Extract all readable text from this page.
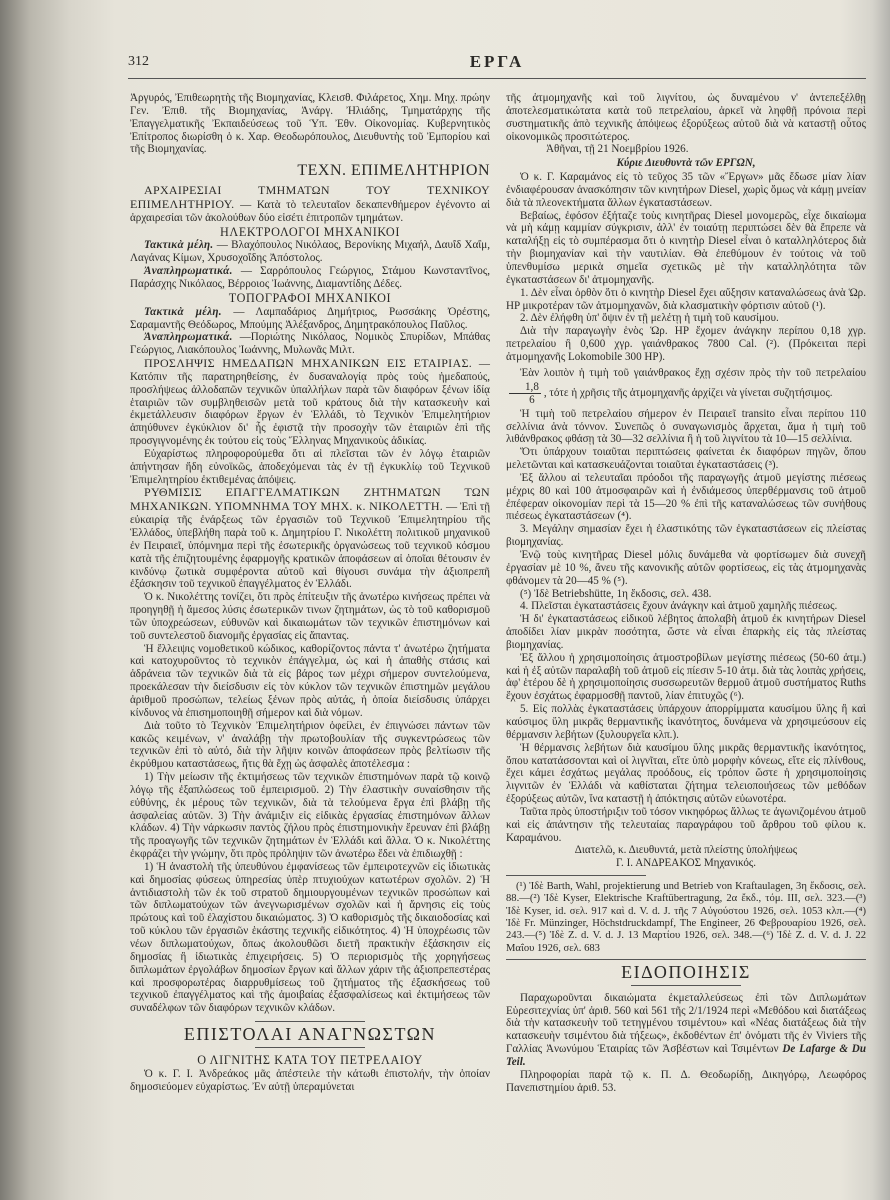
312	ΕΡΓΑ

Ἀργυρός, Ἐπιθεωρητὴς τῆς Βιομηχανίας, Κλεισθ. Φιλάρετος, Χημ. Μηχ. πρώην Γεν. Ἐπιθ. τῆς Βιομηχανίας, Ἀνάργ. Ἠλιάδης, Τμηματάρχης τῆς Ἐπαγγελματικῆς Ἐκπαιδεύσεως τοῦ Ὑπ. Ἐθν. Οἰκονομίας. Κυβερνητικὸς Ἐπίτροπος διωρίσθη ὁ κ. Χαρ. Θεοδωρόπουλος, Διευθυντὴς τοῦ Ἐμπορίου καὶ τῆς Βιομηχανίας.

ΤΕΧΝ. ΕΠΙΜΕΛΗΤΗΡΙΟΝ

ΑΡΧΑΙΡΕΣΙΑΙ ΤΜΗΜΑΤΩΝ ΤΟΥ ΤΕΧΝΙΚΟΥ ΕΠΙΜΕΛΗΤΗΡΙΟΥ. — Κατὰ τὸ τελευταῖον δεκαπενθήμερον ἐγένοντο αἱ ἀρχαιρεσίαι τῶν ἀκολούθων δύο εἰσέτι ἐπιτροπῶν τμημάτων.

ΗΛΕΚΤΡΟΛΟΓΟΙ ΜΗΧΑΝΙΚΟΙ

Τακτικὰ μέλη. — Βλαχόπουλος Νικόλαος, Βερονίκης Μιχαήλ, Δαυΐδ Χαΐμ, Λαγάνας Κίμων, Χρυσοχοΐδης Ἀπόστολος.

Ἀναπληρωματικά. — Σαρρόπουλος Γεώργιος, Στάμου Κωνσταντῖνος, Παράσχης Νικόλαος, Βέρροιος Ἰωάννης, Διαμαντίδης Δέδες.

ΤΟΠΟΓΡΑΦΟΙ ΜΗΧΑΝΙΚΟΙ

Τακτικὰ μέλη. — Λαμπαδάριος Δημήτριος, Ρωσσάκης Ὀρέστης, Σαραμαντῆς Θεόδωρος, Μπούμης Ἀλέξανδρος, Δημητρακόπουλος Παῦλος.

Ἀναπληρωματικά. —Ποριώτης Νικόλαος, Νομικὸς Σπυρίδων, Μπάθας Γεώργιος, Λιακόπουλος Ἰωάννης, Μυλωνᾶς Μιλτ.

ΠΡΟΣΛΗΨΙΣ ΗΜΕΔΑΠΩΝ ΜΗΧΑΝΙΚΩΝ ΕΙΣ ΕΤΑΙΡΙΑΣ. — Κατόπιν τῆς παρατηρηθείσης, ἐν δυσαναλογίᾳ πρὸς τοὺς ἡμεδαπούς, προσλήψεως ἀλλοδαπῶν τεχνικῶν ὑπαλλήλων παρὰ τῶν διαφόρων ξένων ἰδίᾳ ἑταιριῶν τῶν συμβληθεισῶν μετὰ τοῦ κράτους διὰ τὴν κατασκευὴν καὶ ἐκμετάλλευσιν διαφόρων ἔργων ἐν Ἑλλάδι, τὸ Τεχνικὸν Ἐπιμελητήριον ἀπηύθυνεν ἐγκύκλιον δι' ἧς ἐφιστᾷ τὴν προσοχὴν τῶν ἑταιριῶν ἐπὶ τῆς προσγιγνομένης ἐκ τούτου εἰς τοὺς Ἕλληνας Μηχανικοὺς ἀδικίας.

Εὐχαρίστως πληροφορούμεθα ὅτι αἱ πλεῖσται τῶν ἐν λόγῳ ἑταιριῶν ἀπήντησαν ἤδη εὐνοϊκῶς, ἀποδεχόμεναι τὰς ἐν τῇ ἐγκυκλίῳ τοῦ Τεχνικοῦ Ἐπιμελητηρίου ἐκτιθεμένας ἀπόψεις.

ΡΥΘΜΙΣΙΣ ΕΠΑΓΓΕΛΜΑΤΙΚΩΝ ΖΗΤΗΜΑΤΩΝ ΤΩΝ ΜΗΧΑΝΙΚΩΝ. ΥΠΟΜΝΗΜΑ ΤΟΥ ΜΗΧ. κ. ΝΙΚΟΛΕΤΤΗ. — Ἐπὶ τῇ εὐκαιρίᾳ τῆς ἐνάρξεως τῶν ἐργασιῶν τοῦ Τεχνικοῦ Ἐπιμελητηρίου τῆς Ἑλλάδος, ὑπεβλήθη παρὰ τοῦ κ. Δημητρίου Γ. Νικολέττη πολιτικοῦ μηχανικοῦ ἐν Πειραιεῖ, ὑπόμνημα περὶ τῆς ἐσωτερικῆς ὀργανώσεως τοῦ τεχνικοῦ κόσμου κατὰ τῆς ἐπιζητουμένης ἐφαρμογῆς κρατικῶν ἀποφάσεων αἱ ὁποῖαι θέτουσιν ἐν κινδύνῳ ζωτικὰ συμφέροντα αὐτοῦ καὶ θίγουσι συνάμα τὴν ἀξιοπρεπῆ ἐξάσκησιν τοῦ τεχνικοῦ ἐπαγγέλματος ἐν Ἑλλάδι.

Ὁ κ. Νικολέττης τονίζει, ὅτι πρὸς ἐπίτευξιν τῆς ἀνωτέρω κινήσεως πρέπει νὰ προηγηθῇ ἡ ἄμεσος λύσις ἐσωτερικῶν τινων ζητημάτων, ὡς τὸ τοῦ καθορισμοῦ τῶν ὑποχρεώσεων, εὐθυνῶν καὶ δικαιωμάτων τῶν τεχνικῶν ἐπιστημόνων καὶ τοῦ συντελεστοῦ διανομῆς ἐργασίας εἰς ἅπαντας.

Ἡ ἔλλειψις νομοθετικοῦ κώδικος, καθορίζοντος πάντα τ' ἀνωτέρω ζητήματα καὶ κατοχυροῦντος τὸ τεχνικὸν ἐπάγγελμα, ὡς καὶ ἡ ἀπαθὴς στάσις καὶ ἀδράνεια τῶν τεχνικῶν διὰ τὰ εἰς βάρος των μέχρι σήμερον συντελούμενα, προεκάλεσαν τὴν διείσδυσιν εἰς τὸν κύκλον τῶν τεχνικῶν ἐπιστημῶν μεγάλου ἀριθμοῦ προσώπων, τελείως ξένων πρὸς αὐτάς, ἡ ὁποία διείσδυσις ὑπάρχει κίνδυνος νὰ ἐπισημοποιηθῇ σήμερον καὶ διὰ νόμων.

Διὰ τοῦτο τὸ Τεχνικὸν Ἐπιμελητήριον ὀφείλει, ἐν ἐπιγνώσει πάντων τῶν κακῶς κειμένων, ν' ἀναλάβῃ τὴν πρωτοβουλίαν τῆς συγκεντρώσεως τῶν τεχνικῶν ἐπὶ τὸ αὐτό, διὰ τὴν λῆψιν κοινῶν ἀποφάσεων πρὸς βελτίωσιν τῆς ἐκρύθμου καταστάσεως, ἥτις θὰ ἔχῃ ὡς ἀσφαλὲς ἀποτέλεσμα :

1) Τὴν μείωσιν τῆς ἐκτιμήσεως τῶν τεχνικῶν ἐπιστημόνων παρὰ τῷ κοινῷ λόγῳ τῆς ἐξαπλώσεως τοῦ ἐμπειρισμοῦ. 2) Τὴν ἐλαστικὴν συναίσθησιν τῆς εὐθύνης, ἐκ μέρους τῶν τεχνικῶν, διὰ τὰ τελούμενα ἔργα ἐπὶ βλάβῃ τῆς ἀσφαλείας αὐτῶν. 3) Τὴν ἀνάμιξιν εἰς εἰδικὰς ἐργασίας ἐπιστημόνων ἄλλων κλάδων. 4) Τὴν νάρκωσιν παντὸς ζήλου πρὸς ἐπιστημονικὴν ἔρευναν ἐπὶ βλάβῃ τῆς προαγωγῆς τῶν τεχνικῶν ζητημάτων ἐν Ἑλλάδι καὶ ἄλλα. Ὁ κ. Νικολέττης ἐκφράζει τὴν γνώμην, ὅτι πρὸς πρόληψιν τῶν ἀνωτέρω ἔδει νὰ ἐπιδιωχθῇ :

1) Ἡ ἀναστολὴ τῆς ὑπευθύνου ἐμφανίσεως τῶν ἐμπειροτεχνῶν εἰς ἰδιωτικὰς καὶ δημοσίας φύσεως ὑπηρεσίας ὑπὲρ πτυχιούχων κατωτέρων σχολῶν. 2) Ἡ ἀντιδιαστολὴ τῶν ἐκ τοῦ στρατοῦ δημιουργουμένων τεχνικῶν προσώπων καὶ τῶν διπλωματούχων τῶν ἀνεγνωρισμένων σχολῶν καὶ ἡ ἄρνησις εἰς τοὺς πρώτους καὶ τοῦ ἐλαχίστου δικαιώματος. 3) Ὁ καθορισμὸς τῆς δικαιοδοσίας καὶ τοῦ κύκλου τῶν ἐργασιῶν ἑκάστης τεχνικῆς εἰδικότητος. 4) Ἡ ὑποχρέωσις τῶν νέων διπλωματούχων, ὅπως ἀκολουθῶσι διετῆ πρακτικὴν ἐξάσκησιν εἰς δημοσίας ἢ ἰδιωτικὰς ἐπιχειρήσεις. 5) Ὁ περιορισμὸς τῆς χορηγήσεως διπλωμάτων ἐργολάβων δημοσίων ἔργων καὶ ἄλλων χάριν τῆς ἀξιοπρεπεστέρας καὶ προσφορωτέρας διαρρυθμίσεως τοῦ ζητήματος τῆς ἐξασκήσεως τοῦ τεχνικοῦ ἐπαγγέλματος καὶ τῆς ἀμοιβαίας ἐξασφαλίσεως καὶ ἐκτιμήσεως τῶν συναδέλφων τῶν διαφόρων τεχνικῶν κλάδων.

ΕΠΙΣΤΟΛΑΙ ΑΝΑΓΝΩΣΤΩΝ
Ο ΛΙΓΝΙΤΗΣ ΚΑΤΑ ΤΟΥ ΠΕΤΡΕΛΑΙΟΥ

Ὁ κ. Γ. Ι. Ἀνδρεάκος μᾶς ἀπέστειλε τὴν κάτωθι ἐπιστολήν, τὴν ὁποίαν δημοσιεύομεν εὐχαρίστως. Ἐν αὐτῇ ὑπεραμύνεται

τῆς ἀτμομηχανῆς καὶ τοῦ λιγνίτου, ὡς δυναμένου ν' ἀντεπεξέλθῃ ἀποτελεσματικώτατα κατὰ τοῦ πετρελαίου, ἀρκεῖ νὰ ληφθῇ πρόνοια περὶ συστηματικῆς ἀπὸ τεχνικῆς ἀπόψεως ἐξορύξεως αὐτοῦ διὰ νὰ καταστῇ οὗτος οἰκονομικῶς προσιτώτερος.

Ἀθῆναι, τῇ 21 Νοεμβρίου 1926.

Κύριε Διευθυντὰ τῶν ΕΡΓΩΝ,

Ὁ κ. Γ. Καραμάνος εἰς τὸ τεῦχος 35 τῶν «Ἔργων» μᾶς ἔδωσε μίαν λίαν ἐνδιαφέρουσαν ἀνασκόπησιν τῶν κινητήρων Diesel, χωρὶς ὅμως νὰ κάμῃ μνείαν διὰ τὰ πλεονεκτήματα ἄλλων ἐγκαταστάσεων.

Βεβαίως, ἐφόσον ἐξήταζε τοὺς κινητῆρας Diesel μονομερῶς, εἶχε δικαίωμα νὰ μὴ κάμῃ καμμίαν σύγκρισιν, ἀλλ' ἐν τοιαύτῃ περιπτώσει δὲν θὰ ἔπρεπε νὰ καταλήξῃ εἰς τὸ συμπέρασμα ὅτι ὁ κινητὴρ Diesel εἶναι ὁ καταλληλότερος διὰ τὴν βιομηχανίαν καὶ τὴν ναυτιλίαν. Θὰ ἐπεθύμουν ἐν τούτοις νὰ τοῦ ὑπενθυμίσω μερικὰ σημεῖα σχετικῶς μὲ τὴν καταλληλότητα τῶν ἐγκαταστάσεων δι' ἀτμομηχανῆς.

1. Δὲν εἶναι ὀρθὸν ὅτι ὁ κινητὴρ Diesel ἔχει αὔξησιν καταναλώσεως ἀνὰ Ὡρ. HP μικροτέραν τῶν ἀτμομηχανῶν, διὰ κλασματικὴν φόρτισιν αὐτοῦ (¹).

2. Δὲν ἐλήφθη ὑπ' ὄψιν ἐν τῇ μελέτῃ ἡ τιμὴ τοῦ καυσίμου.

Διὰ τὴν παραγωγὴν ἑνὸς Ὡρ. HP ἔχομεν ἀνάγκην περίπου 0,18 χγρ. πετρελαίου ἢ 0,600 χγρ. γαιάνθρακος 7800 Cal. (²). (Πρόκειται περὶ ἀτμομηχανῆς Lokomobile 300 HP).

Ἐὰν λοιπὸν ἡ τιμὴ τοῦ γαιάνθρακος ἔχῃ σχέσιν πρὸς τὴν τοῦ πετρελαίου
$\frac{1,8}{6}$ , τότε ἡ χρῆσις τῆς ἀτμομηχανῆς ἀρχίζει νὰ γίνεται συζητήσιμος.

Ἡ τιμὴ τοῦ πετρελαίου σήμερον ἐν Πειραιεῖ transito εἶναι περίπου 110 σελλίνια ἀνὰ τόννον. Συνεπῶς ὁ συναγωνισμὸς ἄρχεται, ἅμα ἡ τιμὴ τοῦ λιθάνθρακος φθάσῃ τὰ 30—32 σελλίνια ἢ ἡ τοῦ λιγνίτου τὰ 10—15 σελλίνια.

Ὅτι ὑπάρχουν τοιαῦται περιπτώσεις φαίνεται ἐκ διαφόρων πηγῶν, ὅπου μελετῶνται καὶ κατασκευάζονται τοιαῦται ἐγκαταστάσεις (³).

Ἐξ ἄλλου αἱ τελευταῖαι πρόοδοι τῆς παραγωγῆς ἀτμοῦ μεγίστης πιέσεως μέχρις 80 καὶ 100 ἀτμοσφαιρῶν καὶ ἡ ἐνδιάμεσος ὑπερθέρμανσις τοῦ ἀτμοῦ ἐπέφεραν οἰκονομίαν περὶ τὰ 15—20 % ἐπὶ τῆς καταναλώσεως τῶν συνήθους πιέσεως ἐγκαταστάσεων (⁴).

3. Μεγάλην σημασίαν ἔχει ἡ ἐλαστικότης τῶν ἐγκαταστάσεων εἰς πλείστας βιομηχανίας.

Ἐνῷ τοὺς κινητῆρας Diesel μόλις δυνάμεθα νὰ φορτίσωμεν διὰ συνεχῆ ἐργασίαν μὲ 10 %, ἄνευ τῆς κανονικῆς αὐτῶν φορτίσεως, εἰς τὰς ἀτμομηχανὰς φθάνομεν τὰ 20—45 % (⁵).

(⁵) Ἰδὲ Betriebshütte, 1η ἔκδοσις, σελ. 438.

4. Πλεῖσται ἐγκαταστάσεις ἔχουν ἀνάγκην καὶ ἀτμοῦ χαμηλῆς πιέσεως.

Ἡ δι' ἐγκαταστάσεως εἰδικοῦ λέβητος ἀπολαβὴ ἀτμοῦ ἐκ κινητήρων Diesel ἀποδίδει λίαν μικρὰν ποσότητα, ὥστε νὰ εἶναι ἐπαρκὴς εἰς τὰς πλείστας βιομηχανίας.

Ἐξ ἄλλου ἡ χρησιμοποίησις ἀτμοστροβίλων μεγίστης πιέσεως (50-60 ἀτμ.) καὶ ἡ ἐξ αὐτῶν παραλαβὴ τοῦ ἀτμοῦ εἰς πίεσιν 5-10 ἀτμ. διὰ τὰς λοιπὰς χρήσεις, ἀφ' ἑτέρου δὲ ἡ χρησιμοποίησις συσσωρευτῶν θερμοῦ ἀτμοῦ συστήματος Ruths ἔχουν ἐσχάτως ἐφαρμοσθῇ παντοῦ, λίαν ἐπιτυχῶς (⁶).

5. Εἰς πολλὰς ἐγκαταστάσεις ὑπάρχουν ἀπορρίμματα καυσίμου ὕλης ἢ καὶ καύσιμος ὕλη μικρᾶς θερμαντικῆς ἱκανότητος, δυνάμενα νὰ χρησιμεύσουν εἰς θέρμανσιν λεβήτων (ξυλουργεῖα κλπ.).

Ἡ θέρμανσις λεβήτων διὰ καυσίμου ὕλης μικρᾶς θερμαντικῆς ἱκανότητος, ὅπου κατατάσσονται καὶ οἱ λιγνῖται, εἴτε ὑπὸ μορφὴν κόνεως, εἴτε εἰς πλίνθους, ἔχει κάμει ἐσχάτως μεγάλας προόδους, εἰς τρόπον ὥστε ἡ χρησιμοποίησις λιγνιτῶν ἐν Ἑλλάδι νὰ καθίσταται ζήτημα τελειοποιήσεως τῶν μεθόδων ἐξορύξεως αὐτῶν, ἵνα καταστῇ ἡ ἀπόκτησις αὐτῶν εὐωνοτέρα.

Ταῦτα πρὸς ὑποστήριξιν τοῦ τόσον νικηφόρως ἄλλως τε ἀγωνιζομένου ἀτμοῦ καὶ εἰς ἀπάντησιν τῆς τελευταίας παραγράφου τοῦ ἄρθρου τοῦ φίλου κ. Καραμάνου.

Διατελῶ, κ. Διευθυντά, μετὰ πλείστης ὑπολήψεως

Γ. Ι. ΑΝΔΡΕΑΚΟΣ Μηχανικός.

(¹) Ἰδὲ Barth, Wahl, projektierung und Betrieb von Kraftaulagen, 3η ἔκδοσις, σελ. 88.—(²) Ἰδὲ Kyser, Elektrische Kraftübertragung, 2α ἔκδ., τόμ. III, σελ. 323.—(³) Ἰδὲ Kyser, id. σελ. 917 καὶ d. V. d. J. τῆς 7 Αὐγούστου 1926, σελ. 1053 κλπ.—(⁴) Ἰδὲ Fr. Münzinger, Höchstdruckdampf, The Engineer, 26 Φεβρουαρίου 1926, σελ. 243.—(⁵) Ἰδὲ Z. d. V. d. J. 13 Μαρτίου 1926, σελ. 348.—(⁶) Ἰδὲ Z. d. V. d. J. 22 Μαΐου 1926, σελ. 683

ΕΙΔΟΠΟΙΗΣΙΣ

Παραχωροῦνται δικαιώματα ἐκμεταλλεύσεως ἐπὶ τῶν Διπλωμάτων Εὑρεσιτεχνίας ὑπ' ἀριθ. 560 καὶ 561 τῆς 2/1/1924 περὶ «Μεθόδου καὶ διατάξεως διὰ τὴν κατασκευὴν τοῦ τετηγμένου τσιμέντου» καὶ «Νέας διατάξεως διὰ τὴν κατασκευὴν τσιμέντου διὰ τήξεως», ἐκδοθέντων ἐπ' ὀνόματι τῆς ἐν Viviers τῆς Γαλλίας Ἀνωνύμου Ἑταιρίας τῶν Ἀσβέστων καὶ Τσιμέντων De Lafarge & Du Teil.

Πληροφορίαι παρὰ τῷ κ. Π. Δ. Θεοδωρίδῃ, Δικηγόρῳ, Λεωφόρος Πανεπιστημίου ἀριθ. 53.
